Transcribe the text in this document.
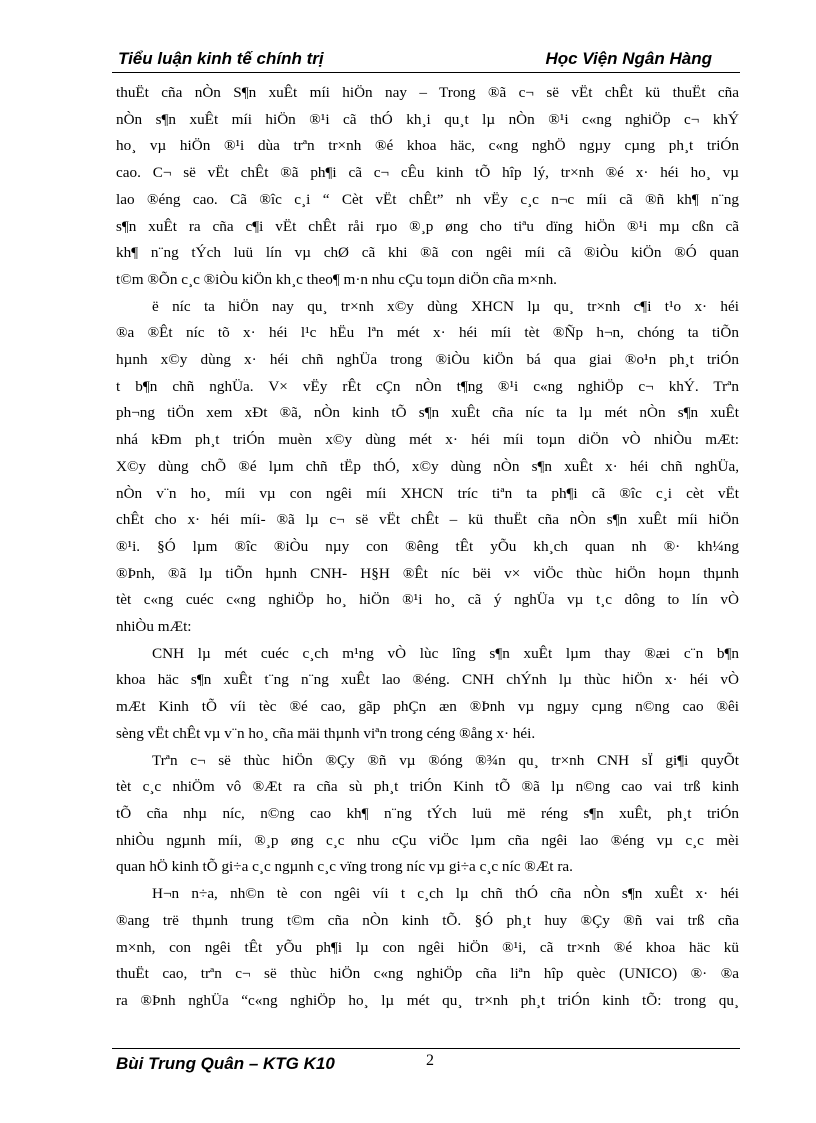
Tiểu luận kinh tế chính trị	Học Viện Ngân Hàng
thuËt cña nÒn S¶n xuÊt míi hiÖn nay – Trong ®ã c¬ së vËt chÊt kü thuËt cña
nÒn s¶n xuÊt míi hiÖn ®¹i cã thÓ kh¸i qu¸t lµ nÒn ®¹i c«ng nghiÖp c¬ khÝ
ho¸ vµ hiÖn ®¹i dùa trªn tr×nh ®é khoa häc, c«ng nghÖ ngµy cµng ph¸t triÓn
cao. C¬ së vËt chÊt ®ã ph¶i cã c¬ cÊu kinh tÕ hîp lý, tr×nh ®é x· héi ho¸ vµ
lao ®éng cao. Cã ®îc c¸i “ Cèt vËt chÊt” nh vËy c¸c n¬c míi cã ®ñ kh¶ n¨ng
s¶n xuÊt ra cña c¶i vËt chÊt råi rµo ®¸p øng cho tiªu dïng hiÖn ®¹i mµ cßn cã
kh¶ n¨ng tÝch luü lín vµ chØ cã khi ®ã con ngêi míi cã ®iÒu kiÖn ®Ó quan
t©m ®Õn c¸c ®iÒu kiÖn kh¸c theo¶ m·n nhu cÇu toµn diÖn cña m×nh.
ë níc ta hiÖn nay qu¸ tr×nh x©y dùng XHCN lµ qu¸ tr×nh c¶i t¹o x· héi
®a ®Êt níc tõ x· héi l¹c hËu lªn mét x· héi míi tèt ®Ñp h¬n, chóng ta tiÕn
hµnh x©y dùng x· héi chñ nghÜa trong ®iÒu kiÖn bá qua giai ®o¹n ph¸t triÓn
t b¶n chñ nghÜa. V× vËy rÊt cÇn nÒn t¶ng ®¹i c«ng nghiÖp c¬ khÝ. Trªn
ph¬ng tiÖn xem xÐt ®ã, nÒn kinh tÕ s¶n xuÊt cña níc ta lµ mét nÒn s¶n xuÊt
nhá kÐm ph¸t triÓn muèn x©y dùng mét x· héi míi toµn diÖn vÒ nhiÒu mÆt:
X©y dùng chÕ ®é lµm chñ tËp thÓ, x©y dùng nÒn s¶n xuÊt x· héi chñ nghÜa,
nÒn v¨n ho¸ míi vµ con ngêi míi XHCN tríc tiªn ta ph¶i cã ®îc c¸i cèt vËt
chÊt cho x· héi míi- ®ã lµ c¬ së vËt chÊt – kü thuËt cña nÒn s¶n xuÊt míi hiÖn
®¹i. §Ó lµm ®îc ®iÒu nµy con ®êng tÊt yÕu kh¸ch quan nh ®· kh¼ng
®Þnh, ®ã lµ tiÕn hµnh CNH- H§H ®Êt níc bëi v× viÖc thùc hiÖn hoµn thµnh
tèt c«ng cuéc c«ng nghiÖp ho¸ hiÖn ®¹i ho¸ cã ý nghÜa vµ t¸c dông to lín vÒ
nhiÒu mÆt:
CNH lµ mét cuéc c¸ch m¹ng vÒ lùc lîng s¶n xuÊt lµm thay ®æi c¨n b¶n
khoa häc s¶n xuÊt t¨ng n¨ng xuÊt lao ®éng. CNH chÝnh lµ thùc hiÖn x· héi vÒ
mÆt Kinh tÕ víi tèc ®é cao, gãp phÇn æn ®Þnh vµ ngµy cµng n©ng cao ®êi
sèng vËt chÊt vµ v¨n ho¸ cña mäi thµnh viªn trong céng ®ång x· héi.
Trªn c¬ së thùc hiÖn ®Çy ®ñ vµ ®óng ®¾n qu¸ tr×nh CNH sÏ gi¶i quyÕt
tèt c¸c nhiÖm vô ®Æt ra cña sù ph¸t triÓn Kinh tÕ ®ã lµ n©ng cao vai trß kinh
tÕ cña nhµ níc, n©ng cao kh¶ n¨ng tÝch luü më réng s¶n xuÊt, ph¸t triÓn
nhiÒu ngµnh míi, ®¸p øng c¸c nhu cÇu viÖc lµm cña ngêi lao ®éng vµ c¸c mèi
quan hÖ kinh tÕ gi÷a c¸c ngµnh c¸c vïng trong níc vµ gi÷a c¸c níc ®Æt ra.
H¬n n÷a, nh©n tè con ngêi víi t c¸ch lµ chñ thÓ cña nÒn s¶n xuÊt x· héi
®ang trë thµnh trung t©m cña nÒn kinh tÕ. §Ó ph¸t huy ®Çy ®ñ vai trß cña
m×nh, con ngêi tÊt yÕu ph¶i lµ con ngêi hiÖn ®¹i, cã tr×nh ®é khoa häc kü
thuËt cao, trªn c¬ së thùc hiÖn c«ng nghiÖp cña liªn hîp quèc (UNICO) ®· ®a
ra ®Þnh nghÜa “c«ng nghiÖp ho¸ lµ mét qu¸ tr×nh ph¸t triÓn kinh tÕ: trong qu¸
Bùi Trung Quân – KTG K10	2
